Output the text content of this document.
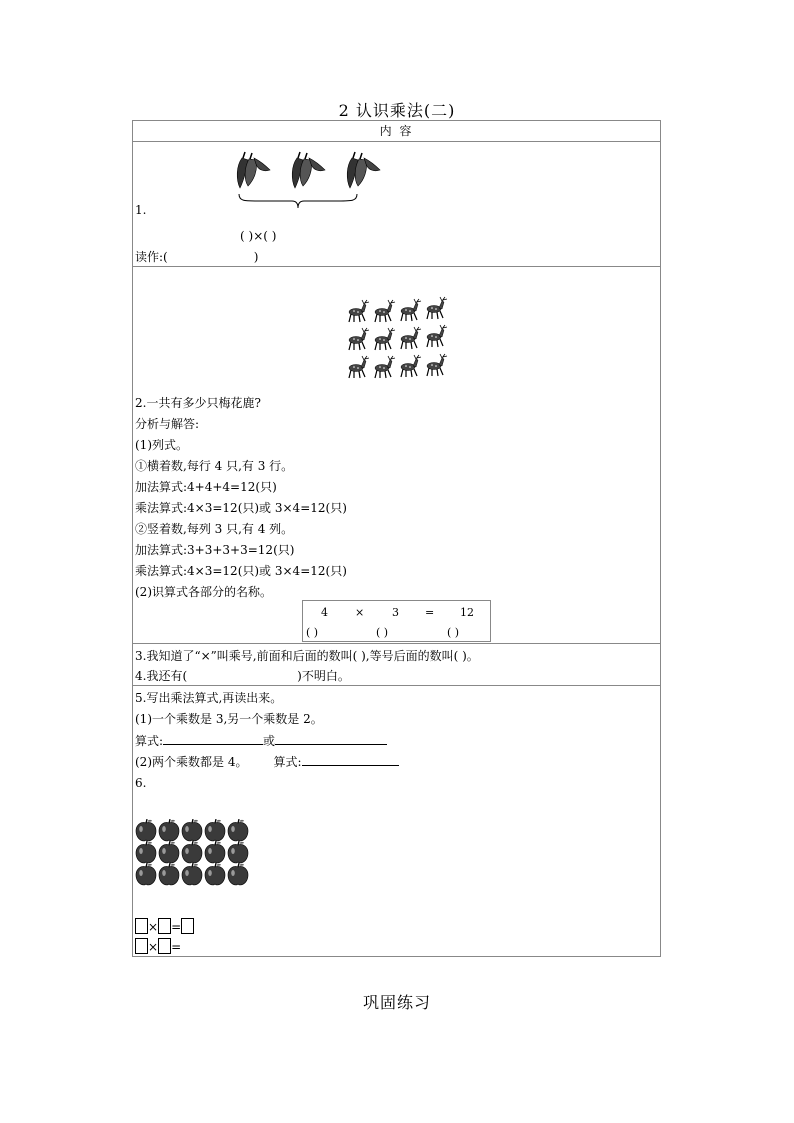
2 认识乘法(二)
内 容
1.
( )×( )
读作:(	)
2.一共有多少只梅花鹿?
分析与解答:
(1)列式。
①横着数,每行 4 只,有 3 行。
加法算式:4+4+4=12(只)
乘法算式:4×3=12(只)或 3×4=12(只)
②竖着数,每列 3 只,有 4 列。
加法算式:3+3+3+3=12(只)
乘法算式:4×3=12(只)或 3×4=12(只)
(2)识算式各部分的名称。
4 ×	3 = 12
( )	( )	( )
3.我知道了“×”叫乘号,前面和后面的数叫( ),等号后面的数叫( )。
4.我还有(	)不明白。
5.写出乘法算式,再读出来。
(1)一个乘数是 3,另一个乘数是 2。
算式:	或
(2)两个乘数都是 4。 算式:
6.
× =
× =
巩固练习
